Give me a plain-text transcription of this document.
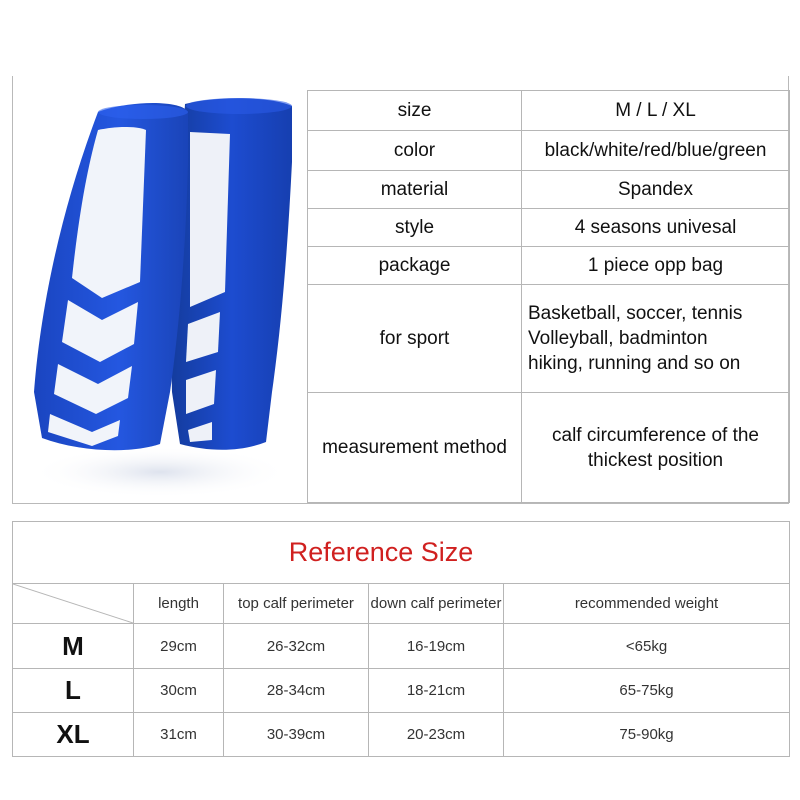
size	M / L / XL
color	black/white/red/blue/green
material	Spandex
style	4 seasons univesal
package	1 piece opp bag
for sport	Basketball, soccer, tennis
Volleyball, badminton
hiking, running and so on

measurement method	calf circumference of the
thickest position
Reference Size				

	length	top calf perimeter	down calf perimeter	recommended weight
M	29cm	26-32cm	16-19cm	<65kg
L	30cm	28-34cm	18-21cm	65-75kg
XL	31cm	30-39cm	20-23cm	75-90kg
